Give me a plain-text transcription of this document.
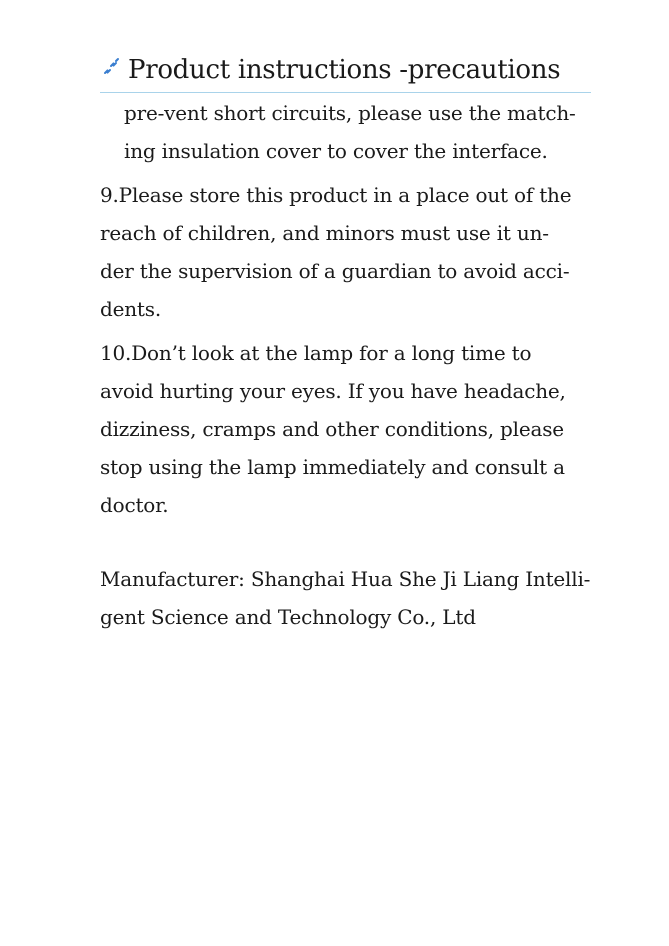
Product instructions -precautions
pre-vent short circuits, please use the match-
ing insulation cover to cover the interface.
9.Please store this product in a place out of the
reach of children, and minors must use it un-
der the supervision of a guardian to avoid acci-
dents.
10.Don’t look at the lamp for a long time to
avoid hurting your eyes. If you have headache,
dizziness, cramps and other conditions, please
stop using the lamp immediately and consult a
doctor.
Manufacturer: Shanghai Hua She Ji Liang Intelli-
gent Science and Technology Co., Ltd
